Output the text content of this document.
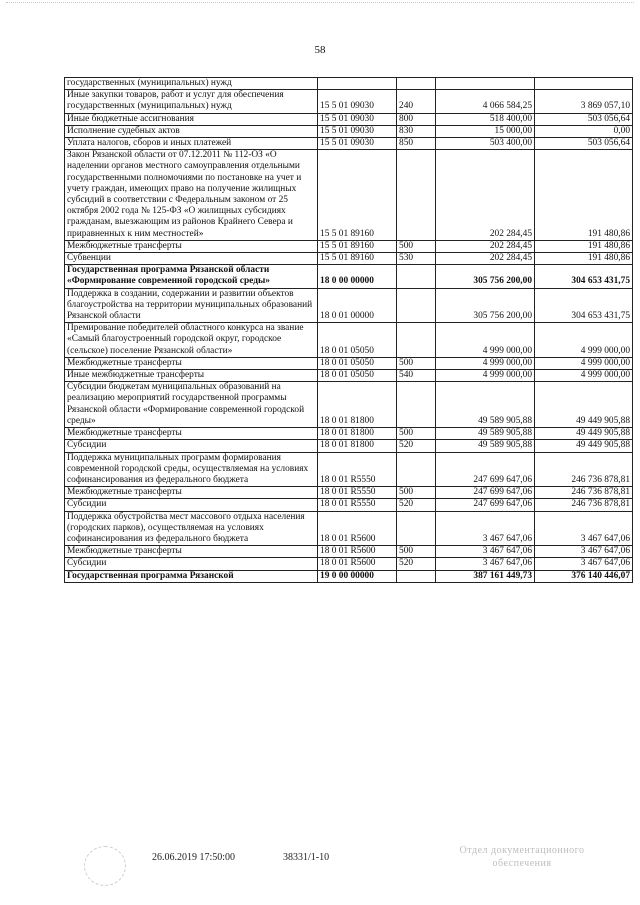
58
государственных (муниципальных) нужд				
Иные закупки товаров, работ и услуг для обеспечения государственных (муниципальных) нужд	15 5 01 09030	240	4 066 584,25	3 869 057,10
Иные бюджетные ассигнования	15 5 01 09030	800	518 400,00	503 056,64
Исполнение судебных актов	15 5 01 09030	830	15 000,00	0,00
Уплата налогов, сборов и иных платежей	15 5 01 09030	850	503 400,00	503 056,64
Закон Рязанской области от 07.12.2011 № 112-ОЗ «О наделении органов местного самоуправления отдельными государственными полномочиями по постановке на учет и учету граждан, имеющих право на получение жилищных субсидий в соответствии с Федеральным законом от 25 октября 2002 года № 125-ФЗ «О жилищных субсидиях гражданам, выезжающим из районов Крайнего Севера и приравненных к ним местностей»	15 5 01 89160		202 284,45	191 480,86
Межбюджетные трансферты	15 5 01 89160	500	202 284,45	191 480,86
Субвенции	15 5 01 89160	530	202 284,45	191 480,86
Государственная программа Рязанской области «Формирование современной городской среды»	18 0 00 00000		305 756 200,00	304 653 431,75
Поддержка в создании, содержании и развитии объектов благоустройства на территории муниципальных образований Рязанской области	18 0 01 00000		305 756 200,00	304 653 431,75
Премирование победителей областного конкурса на звание «Самый благоустроенный городской округ, городское (сельское) поселение Рязанской области»	18 0 01 05050		4 999 000,00	4 999 000,00
Межбюджетные трансферты	18 0 01 05050	500	4 999 000,00	4 999 000,00
Иные межбюджетные трансферты	18 0 01 05050	540	4 999 000,00	4 999 000,00
Субсидии бюджетам муниципальных образований на реализацию мероприятий государственной программы Рязанской области «Формирование современной городской среды»	18 0 01 81800		49 589 905,88	49 449 905,88
Межбюджетные трансферты	18 0 01 81800	500	49 589 905,88	49 449 905,88
Субсидии	18 0 01 81800	520	49 589 905,88	49 449 905,88
Поддержка муниципальных программ формирования современной городской среды, осуществляемая на условиях софинансирования из федерального бюджета	18 0 01 R5550		247 699 647,06	246 736 878,81
Межбюджетные трансферты	18 0 01 R5550	500	247 699 647,06	246 736 878,81
Субсидии	18 0 01 R5550	520	247 699 647,06	246 736 878,81
Поддержка обустройства мест массового отдыха населения (городских парков), осуществляемая на условиях софинансирования из федерального бюджета	18 0 01 R5600		3 467 647,06	3 467 647,06
Межбюджетные трансферты	18 0 01 R5600	500	3 467 647,06	3 467 647,06
Субсидии	18 0 01 R5600	520	3 467 647,06	3 467 647,06
Государственная программа Рязанской	19 0 00 00000		387 161 449,73	376 140 446,07
26.06.2019 17:50:00	38331/1-10
Отдел документационного обеспечения
